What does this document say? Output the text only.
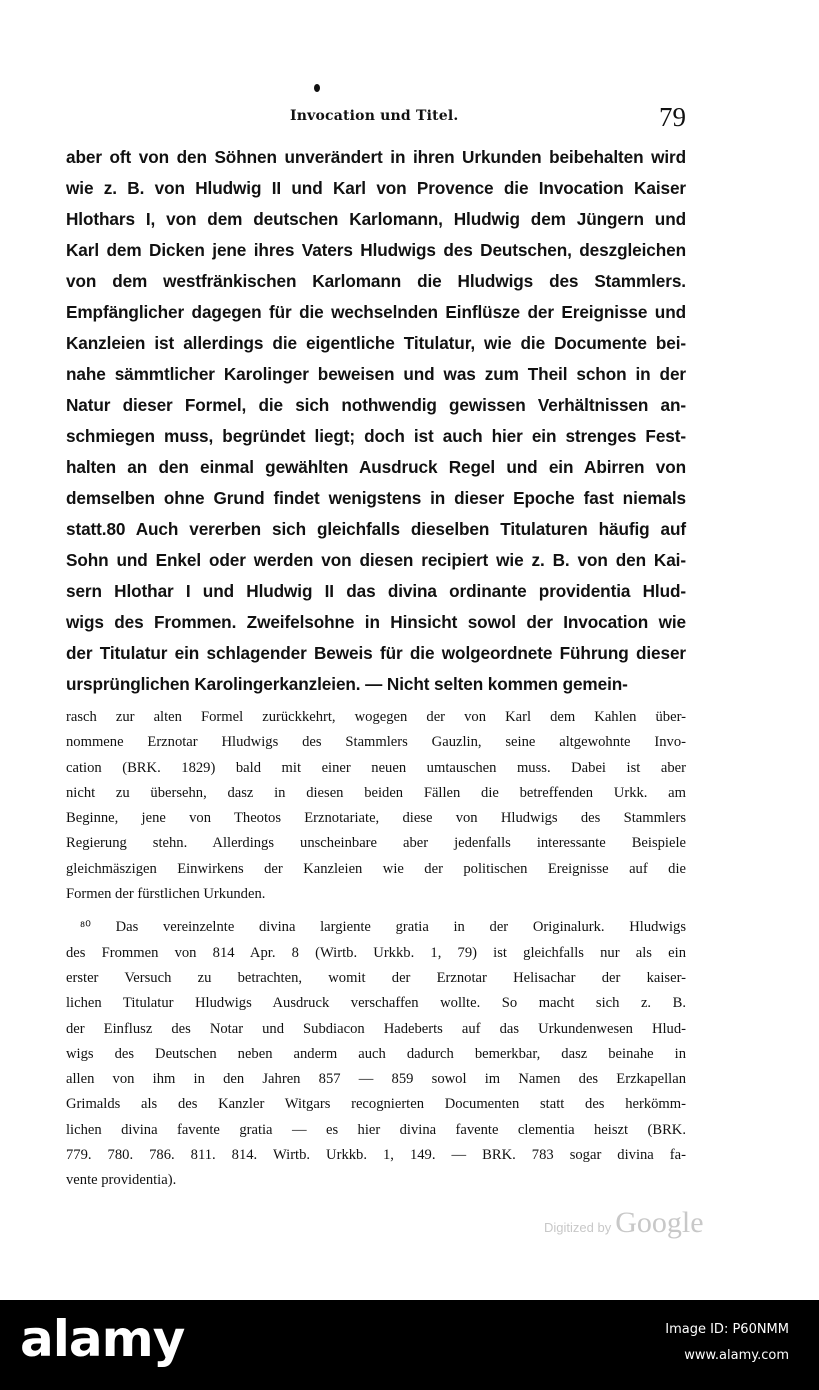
Invocation und Titel.	79
aber oft von den Söhnen unverändert in ihren Urkunden beibehalten wird
wie z. B. von Hludwig II und Karl von Provence die Invocation Kaiser
Hlothars I, von dem deutschen Karlomann, Hludwig dem Jüngern und
Karl dem Dicken jene ihres Vaters Hludwigs des Deutschen, deszgleichen
von dem westfränkischen Karlomann die Hludwigs des Stammlers.
Empfänglicher dagegen für die wechselnden Einflüsze der Ereignisse und
Kanzleien ist allerdings die eigentliche Titulatur, wie die Documente bei-
nahe sämmtlicher Karolinger beweisen und was zum Theil schon in der
Natur dieser Formel, die sich nothwendig gewissen Verhältnissen an-
schmiegen muss, begründet liegt; doch ist auch hier ein strenges Fest-
halten an den einmal gewählten Ausdruck Regel und ein Abirren von
demselben ohne Grund findet wenigstens in dieser Epoche fast niemals
statt.80 Auch vererben sich gleichfalls dieselben Titulaturen häufig auf
Sohn und Enkel oder werden von diesen recipiert wie z. B. von den Kai-
sern Hlothar I und Hludwig II das divina ordinante providentia Hlud-
wigs des Frommen. Zweifelsohne in Hinsicht sowol der Invocation wie
der Titulatur ein schlagender Beweis für die wolgeordnete Führung dieser
ursprünglichen Karolingerkanzleien. — Nicht selten kommen gemein-
rasch zur alten Formel zurückkehrt, wogegen der von Karl dem Kahlen über-
nommene Erznotar Hludwigs des Stammlers Gauzlin, seine altgewohnte Invo-
cation (BRK. 1829) bald mit einer neuen umtauschen muss. Dabei ist aber
nicht zu übersehn, dasz in diesen beiden Fällen die betreffenden Urkk. am
Beginne, jene von Theotos Erznotariate, diese von Hludwigs des Stammlers
Regierung stehn. Allerdings unscheinbare aber jedenfalls interessante Beispiele
gleichmäszigen Einwirkens der Kanzleien wie der politischen Ereignisse auf die
Formen der fürstlichen Urkunden.
⁸⁰ Das vereinzelnte divina largiente gratia in der Originalurk. Hludwigs
des Frommen von 814 Apr. 8 (Wirtb. Urkkb. 1, 79) ist gleichfalls nur als ein
erster Versuch zu betrachten, womit der Erznotar Helisachar der kaiser-
lichen Titulatur Hludwigs Ausdruck verschaffen wollte. So macht sich z. B.
der Einflusz des Notar und Subdiacon Hadeberts auf das Urkundenwesen Hlud-
wigs des Deutschen neben anderm auch dadurch bemerkbar, dasz beinahe in
allen von ihm in den Jahren 857 — 859 sowol im Namen des Erzkapellan
Grimalds als des Kanzler Witgars recognierten Documenten statt des herkömm-
lichen divina favente gratia — es hier divina favente clementia heiszt (BRK.
779. 780. 786. 811. 814. Wirtb. Urkkb. 1, 149. — BRK. 783 sogar divina fa-
vente providentia).
Digitized by Google
alamy	Image ID: P60NMM
www.alamy.com
